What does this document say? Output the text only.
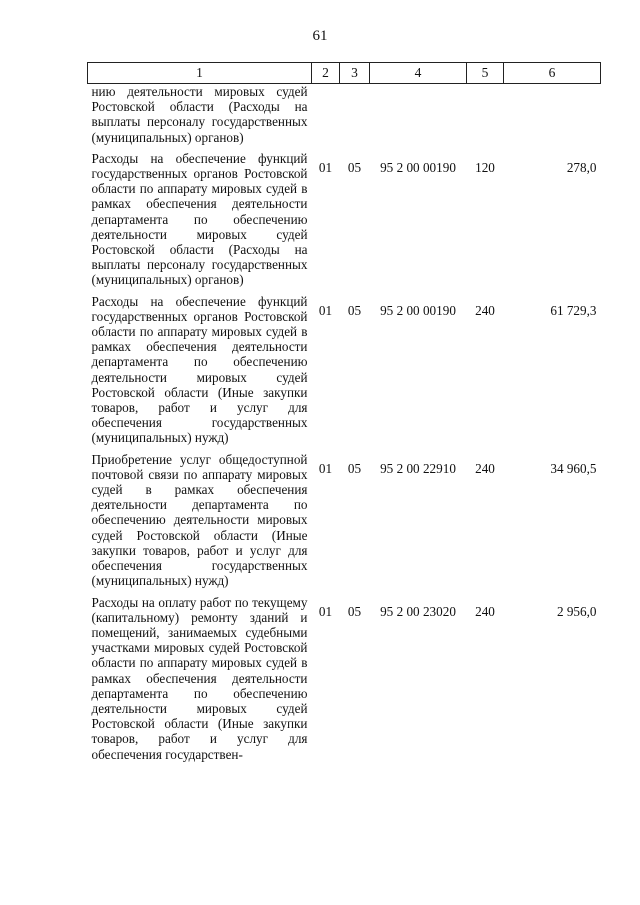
61
1	2	3	4	5	6
нию деятельности мировых судей Ростовской области (Расходы на выплаты персоналу государственных (муниципальных) органов)					
Расходы на обеспечение функций государственных органов Ростовской области по аппарату мировых судей в рамках обеспечения деятельности департамента по обеспечению деятельности мировых судей Ростовской области (Расходы на выплаты персоналу государственных (муниципальных) органов)	01	05	95 2 00 00190	120	278,0
Расходы на обеспечение функций государственных органов Ростовской области по аппарату мировых судей в рамках обеспечения деятельности департамента по обеспечению деятельности мировых судей Ростовской области (Иные закупки товаров, работ и услуг для обеспечения государственных (муниципальных) нужд)	01	05	95 2 00 00190	240	61 729,3
Приобретение услуг общедоступной почтовой связи по аппарату мировых судей в рамках обеспечения деятельности департамента по обеспечению деятельности мировых судей Ростовской области (Иные закупки товаров, работ и услуг для обеспечения государственных (муниципальных) нужд)	01	05	95 2 00 22910	240	34 960,5
Расходы на оплату работ по текущему (капитальному) ремонту зданий и помещений, занимаемых судебными участками мировых судей Ростовской области по аппарату мировых судей в рамках обеспечения деятельности департамента по обеспечению деятельности мировых судей Ростовской области (Иные закупки товаров, работ и услуг для обеспечения государствен-	01	05	95 2 00 23020	240	2 956,0
